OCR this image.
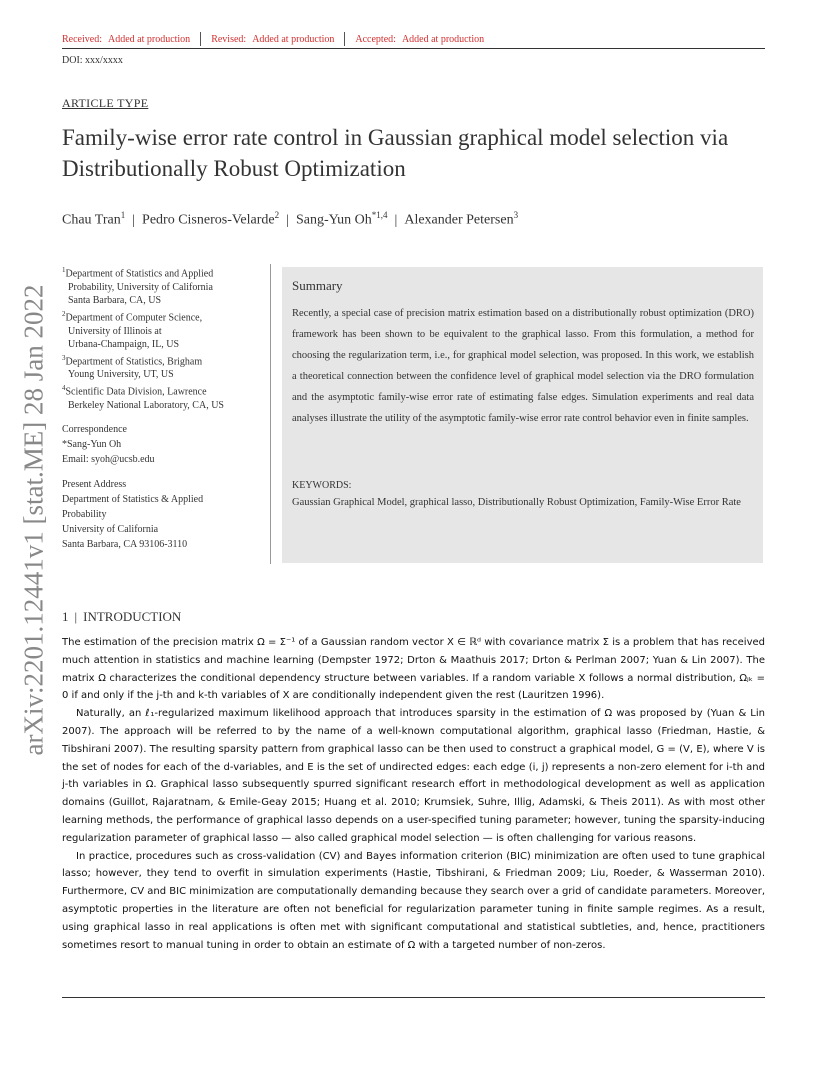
Received: Added at production	Revised: Added at production	Accepted: Added at production
DOI: xxx/xxxx
ARTICLE TYPE
Family-wise error rate control in Gaussian graphical model selection via Distributionally Robust Optimization
Chau Tran$^1$ | Pedro Cisneros-Velarde$^2$ | Sang-Yun Oh$^{*1,4}$ | Alexander Petersen$^3$
arXiv:2201.12441v1 [stat.ME] 28 Jan 2022
$^1$Department of Statistics and Applied
Probability, University of California
Santa Barbara, CA, US
$^2$Department of Computer Science,
University of Illinois at
Urbana-Champaign, IL, US
$^3$Department of Statistics, Brigham
Young University, UT, US
$^4$Scientific Data Division, Lawrence
Berkeley National Laboratory, CA, US

Correspondence

*Sang-Yun Oh

Email: syoh@ucsb.edu

Present Address

Department of Statistics & Applied

Probability

University of California

Santa Barbara, CA 93106-3110

Summary
Recently, a special case of precision matrix estimation based on a distributionally robust optimization (DRO) framework has been shown to be equivalent to the graphical lasso. From this formulation, a method for choosing the regularization term, i.e., for graphical model selection, was proposed. In this work, we establish a theoretical connection between the confidence level of graphical model selection via the DRO formulation and the asymptotic family-wise error rate of estimating false edges. Simulation experiments and real data analyses illustrate the utility of the asymptotic family-wise error rate control behavior even in finite samples.
KEYWORDS:
Gaussian Graphical Model, graphical lasso, Distributionally Robust Optimization, Family-Wise Error Rate
1 | INTRODUCTION

The estimation of the precision matrix Ω = Σ⁻¹ of a Gaussian random vector X ∈ ℝᵈ with covariance matrix Σ is a problem that has received much attention in statistics and machine learning (Dempster 1972; Drton & Maathuis 2017; Drton & Perlman 2007; Yuan & Lin 2007). The matrix Ω characterizes the conditional dependency structure between variables. If a random variable X follows a normal distribution, Ωⱼₖ = 0 if and only if the j-th and k-th variables of X are conditionally independent given the rest (Lauritzen 1996).

Naturally, an ℓ₁-regularized maximum likelihood approach that introduces sparsity in the estimation of Ω was proposed by (Yuan & Lin 2007). The approach will be referred to by the name of a well-known computational algorithm, graphical lasso (Friedman, Hastie, & Tibshirani 2007). The resulting sparsity pattern from graphical lasso can be then used to construct a graphical model, G = (V, E), where V is the set of nodes for each of the d-variables, and E is the set of undirected edges: each edge (i, j) represents a non-zero element for i-th and j-th variables in Ω. Graphical lasso subsequently spurred significant research effort in methodological development as well as application domains (Guillot, Rajaratnam, & Emile-Geay 2015; Huang et al. 2010; Krumsiek, Suhre, Illig, Adamski, & Theis 2011). As with most other learning methods, the performance of graphical lasso depends on a user-specified tuning parameter; however, tuning the sparsity-inducing regularization parameter of graphical lasso — also called graphical model selection — is often challenging for various reasons.

In practice, procedures such as cross-validation (CV) and Bayes information criterion (BIC) minimization are often used to tune graphical lasso; however, they tend to overfit in simulation experiments (Hastie, Tibshirani, & Friedman 2009; Liu, Roeder, & Wasserman 2010). Furthermore, CV and BIC minimization are computationally demanding because they search over a grid of candidate parameters. Moreover, asymptotic properties in the literature are often not beneficial for regularization parameter tuning in finite sample regimes. As a result, using graphical lasso in real applications is often met with significant computational and statistical subtleties, and, hence, practitioners sometimes resort to manual tuning in order to obtain an estimate of Ω with a targeted number of non-zeros.
